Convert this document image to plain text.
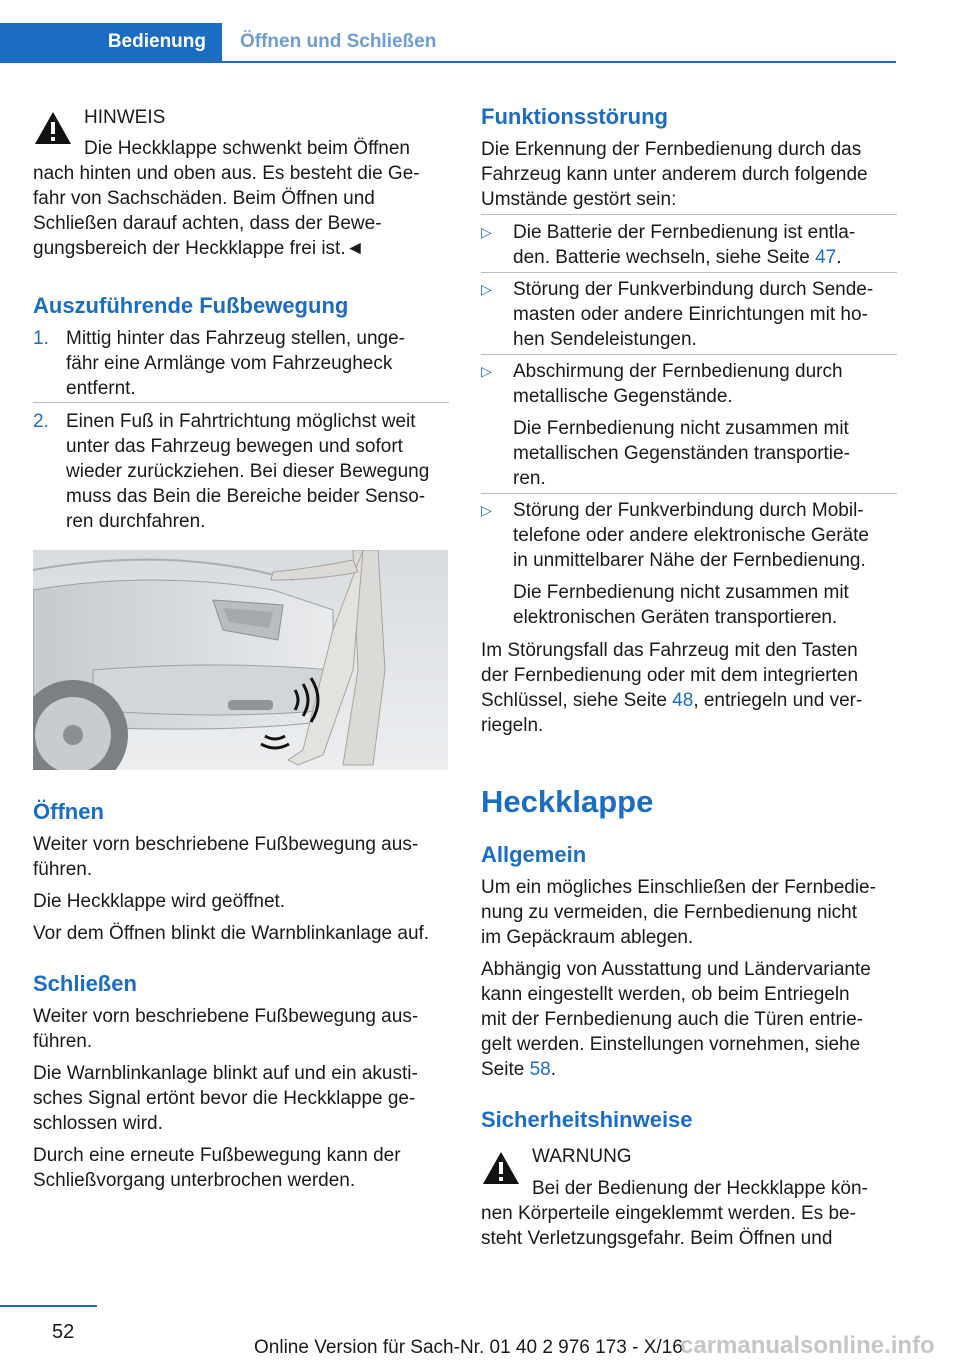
Bedienung	Öffnen und Schließen
HINWEIS
Die Heckklappe schwenkt beim Öffnen
nach hinten und oben aus. Es besteht die Ge-
fahr von Sachschäden. Beim Öffnen und
Schließen darauf achten, dass der Bewe-
gungsbereich der Heckklappe frei ist.◄
Auszuführende Fußbewegung
1. Mittig hinter das Fahrzeug stellen, unge-
fähr eine Armlänge vom Fahrzeugheck
entfernt.
2. Einen Fuß in Fahrtrichtung möglichst weit
unter das Fahrzeug bewegen und sofort
wieder zurückziehen. Bei dieser Bewegung
muss das Bein die Bereiche beider Senso-
ren durchfahren.
Öffnen
Weiter vorn beschriebene Fußbewegung aus-
führen.
Die Heckklappe wird geöffnet.
Vor dem Öffnen blinkt die Warnblinkanlage auf.
Schließen
Weiter vorn beschriebene Fußbewegung aus-
führen.
Die Warnblinkanlage blinkt auf und ein akusti-
sches Signal ertönt bevor die Heckklappe ge-
schlossen wird.
Durch eine erneute Fußbewegung kann der
Schließvorgang unterbrochen werden.
Funktionsstörung
Die Erkennung der Fernbedienung durch das
Fahrzeug kann unter anderem durch folgende
Umstände gestört sein:
▷ Die Batterie der Fernbedienung ist entla-
den. Batterie wechseln, siehe Seite 47.
▷ Störung der Funkverbindung durch Sende-
masten oder andere Einrichtungen mit ho-
hen Sendeleistungen.
▷ Abschirmung der Fernbedienung durch
metallische Gegenstände.
Die Fernbedienung nicht zusammen mit
metallischen Gegenständen transportie-
ren.
▷ Störung der Funkverbindung durch Mobil-
telefone oder andere elektronische Geräte
in unmittelbarer Nähe der Fernbedienung.
Die Fernbedienung nicht zusammen mit
elektronischen Geräten transportieren.
Im Störungsfall das Fahrzeug mit den Tasten
der Fernbedienung oder mit dem integrierten
Schlüssel, siehe Seite 48, entriegeln und ver-
riegeln.
Heckklappe
Allgemein
Um ein mögliches Einschließen der Fernbedie-
nung zu vermeiden, die Fernbedienung nicht
im Gepäckraum ablegen.
Abhängig von Ausstattung und Ländervariante
kann eingestellt werden, ob beim Entriegeln
mit der Fernbedienung auch die Türen entrie-
gelt werden. Einstellungen vornehmen, siehe
Seite 58.
Sicherheitshinweise
WARNUNG
Bei der Bedienung der Heckklappe kön-
nen Körperteile eingeklemmt werden. Es be-
steht Verletzungsgefahr. Beim Öffnen und
52
Online Version für Sach-Nr. 01 40 2 976 173 - X/16
carmanualsonline.info
